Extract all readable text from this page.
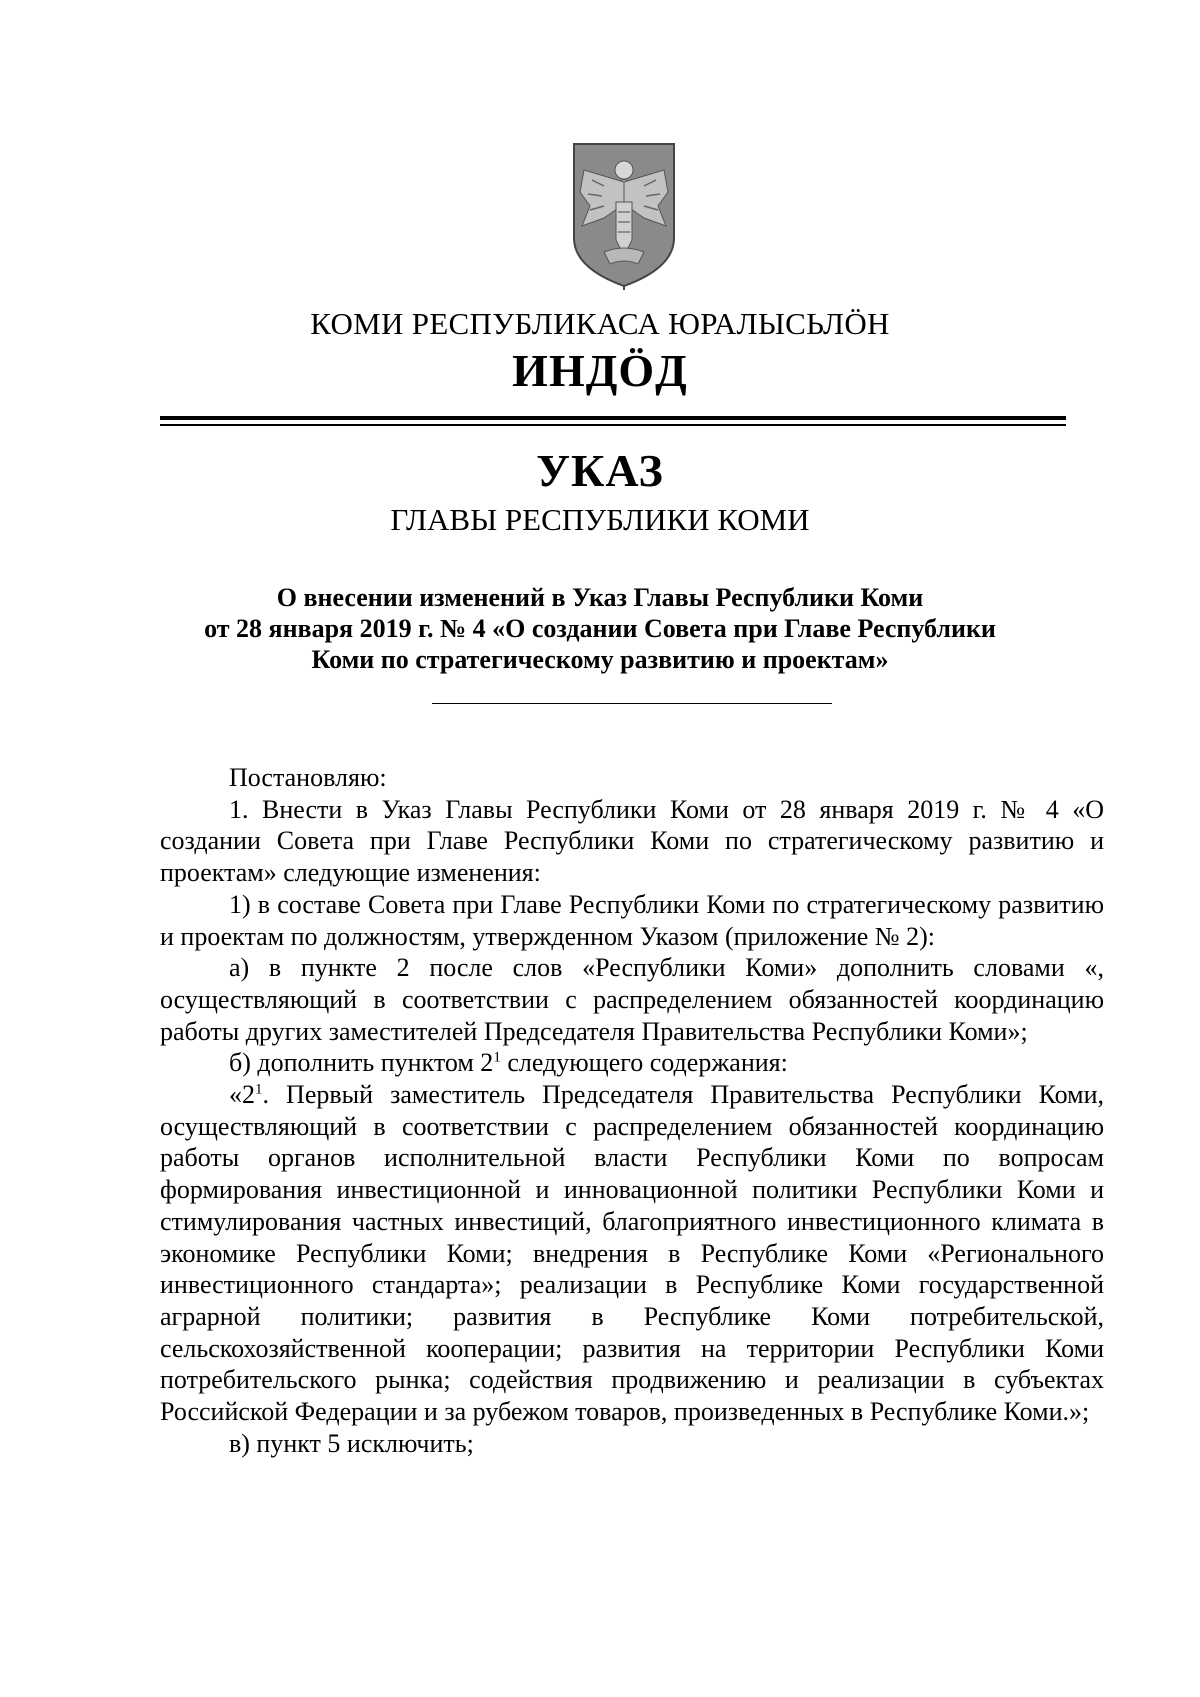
КОМИ РЕСПУБЛИКАСА ЮРАЛЫСЬЛӦН
ИНДӦД
УКАЗ
ГЛАВЫ РЕСПУБЛИКИ КОМИ
О внесении изменений в Указ Главы Республики Коми
от 28 января 2019 г. № 4 «О создании Совета при Главе Республики
Коми по стратегическому развитию и проектам»

Постановляю:

1. Внести в Указ Главы Республики Коми от 28 января 2019 г. № 4 «О создании Совета при Главе Республики Коми по стратегическому развитию и проектам» следующие изменения:

1) в составе Совета при Главе Республики Коми по стратегическому развитию и проектам по должностям, утвержденном Указом (приложение № 2):

а) в пункте 2 после слов «Республики Коми» дополнить словами «, осуществляющий в соответствии с распределением обязанностей координацию работы других заместителей Председателя Правительства Республики Коми»;

б) дополнить пунктом $2^1$ следующего содержания:

«$2^1$. Первый заместитель Председателя Правительства Республики Коми, осуществляющий в соответствии с распределением обязанностей координацию работы органов исполнительной власти Республики Коми по вопросам формирования инвестиционной и инновационной политики Республики Коми и стимулирования частных инвестиций, благоприятного инвестиционного климата в экономике Республики Коми; внедрения в Республике Коми «Регионального инвестиционного стандарта»; реализации в Республике Коми государственной аграрной политики; развития в Республике Коми потребительской, сельскохозяйственной кооперации; развития на территории Республики Коми потребительского рынка; содействия продвижению и реализации в субъектах Российской Федерации и за рубежом товаров, произведенных в Республике Коми.»;

в) пункт 5 исключить;
